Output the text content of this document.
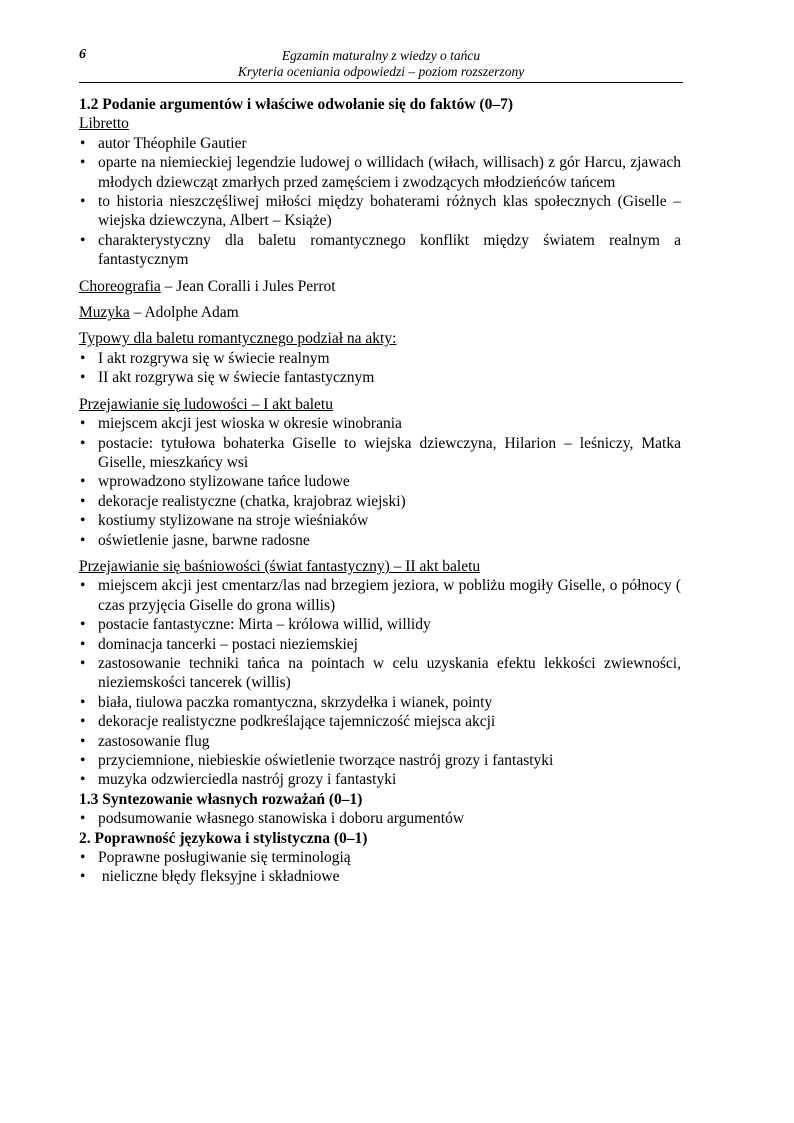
6	Egzamin maturalny z wiedzy o tańcu
Kryteria oceniania odpowiedzi – poziom rozszerzony
1.2 Podanie argumentów i właściwe odwołanie się do faktów (0–7)
Libretto
• autor Théophile Gautier
• oparte na niemieckiej legendzie ludowej o willidach (wiłach, willisach) z gór Harcu, zjawach młodych dziewcząt zmarłych przed zamęściem i zwodzących młodzieńców tańcem
• to historia nieszczęśliwej miłości między bohaterami różnych klas społecznych (Giselle – wiejska dziewczyna, Albert – Książe)
• charakterystyczny dla baletu romantycznego konflikt między światem realnym a fantastycznym
Choreografia – Jean Coralli i Jules Perrot
Muzyka – Adolphe Adam
Typowy dla baletu romantycznego podział na akty:
• I akt rozgrywa się w świecie realnym
• II akt rozgrywa się w świecie fantastycznym
Przejawianie się ludowości – I akt baletu
• miejscem akcji jest wioska w okresie winobrania
• postacie: tytułowa bohaterka Giselle to wiejska dziewczyna, Hilarion – leśniczy, Matka Giselle, mieszkańcy wsi
• wprowadzono stylizowane tańce ludowe
• dekoracje realistyczne (chatka, krajobraz wiejski)
• kostiumy stylizowane na stroje wieśniaków
• oświetlenie jasne, barwne radosne
Przejawianie się baśniowości (świat fantastyczny) – II akt baletu
• miejscem akcji jest cmentarz/las nad brzegiem jeziora, w pobliżu mogiły Giselle, o północy ( czas przyjęcia Giselle do grona willis)
• postacie fantastyczne: Mirta – królowa willid, willidy
• dominacja tancerki – postaci nieziemskiej
• zastosowanie techniki tańca na pointach w celu uzyskania efektu lekkości zwiewności, nieziemskości tancerek (willis)
• biała, tiulowa paczka romantyczna, skrzydełka i wianek, pointy
• dekoracje realistyczne podkreślające tajemniczość miejsca akcji
• zastosowanie flug
• przyciemnione, niebieskie oświetlenie tworzące nastrój grozy i fantastyki
• muzyka odzwierciedla nastrój grozy i fantastyki
1.3 Syntezowanie własnych rozważań (0–1)
• podsumowanie własnego stanowiska i doboru argumentów
2. Poprawność językowa i stylistyczna (0–1)
• Poprawne posługiwanie się terminologią
•  nieliczne błędy fleksyjne i składniowe
